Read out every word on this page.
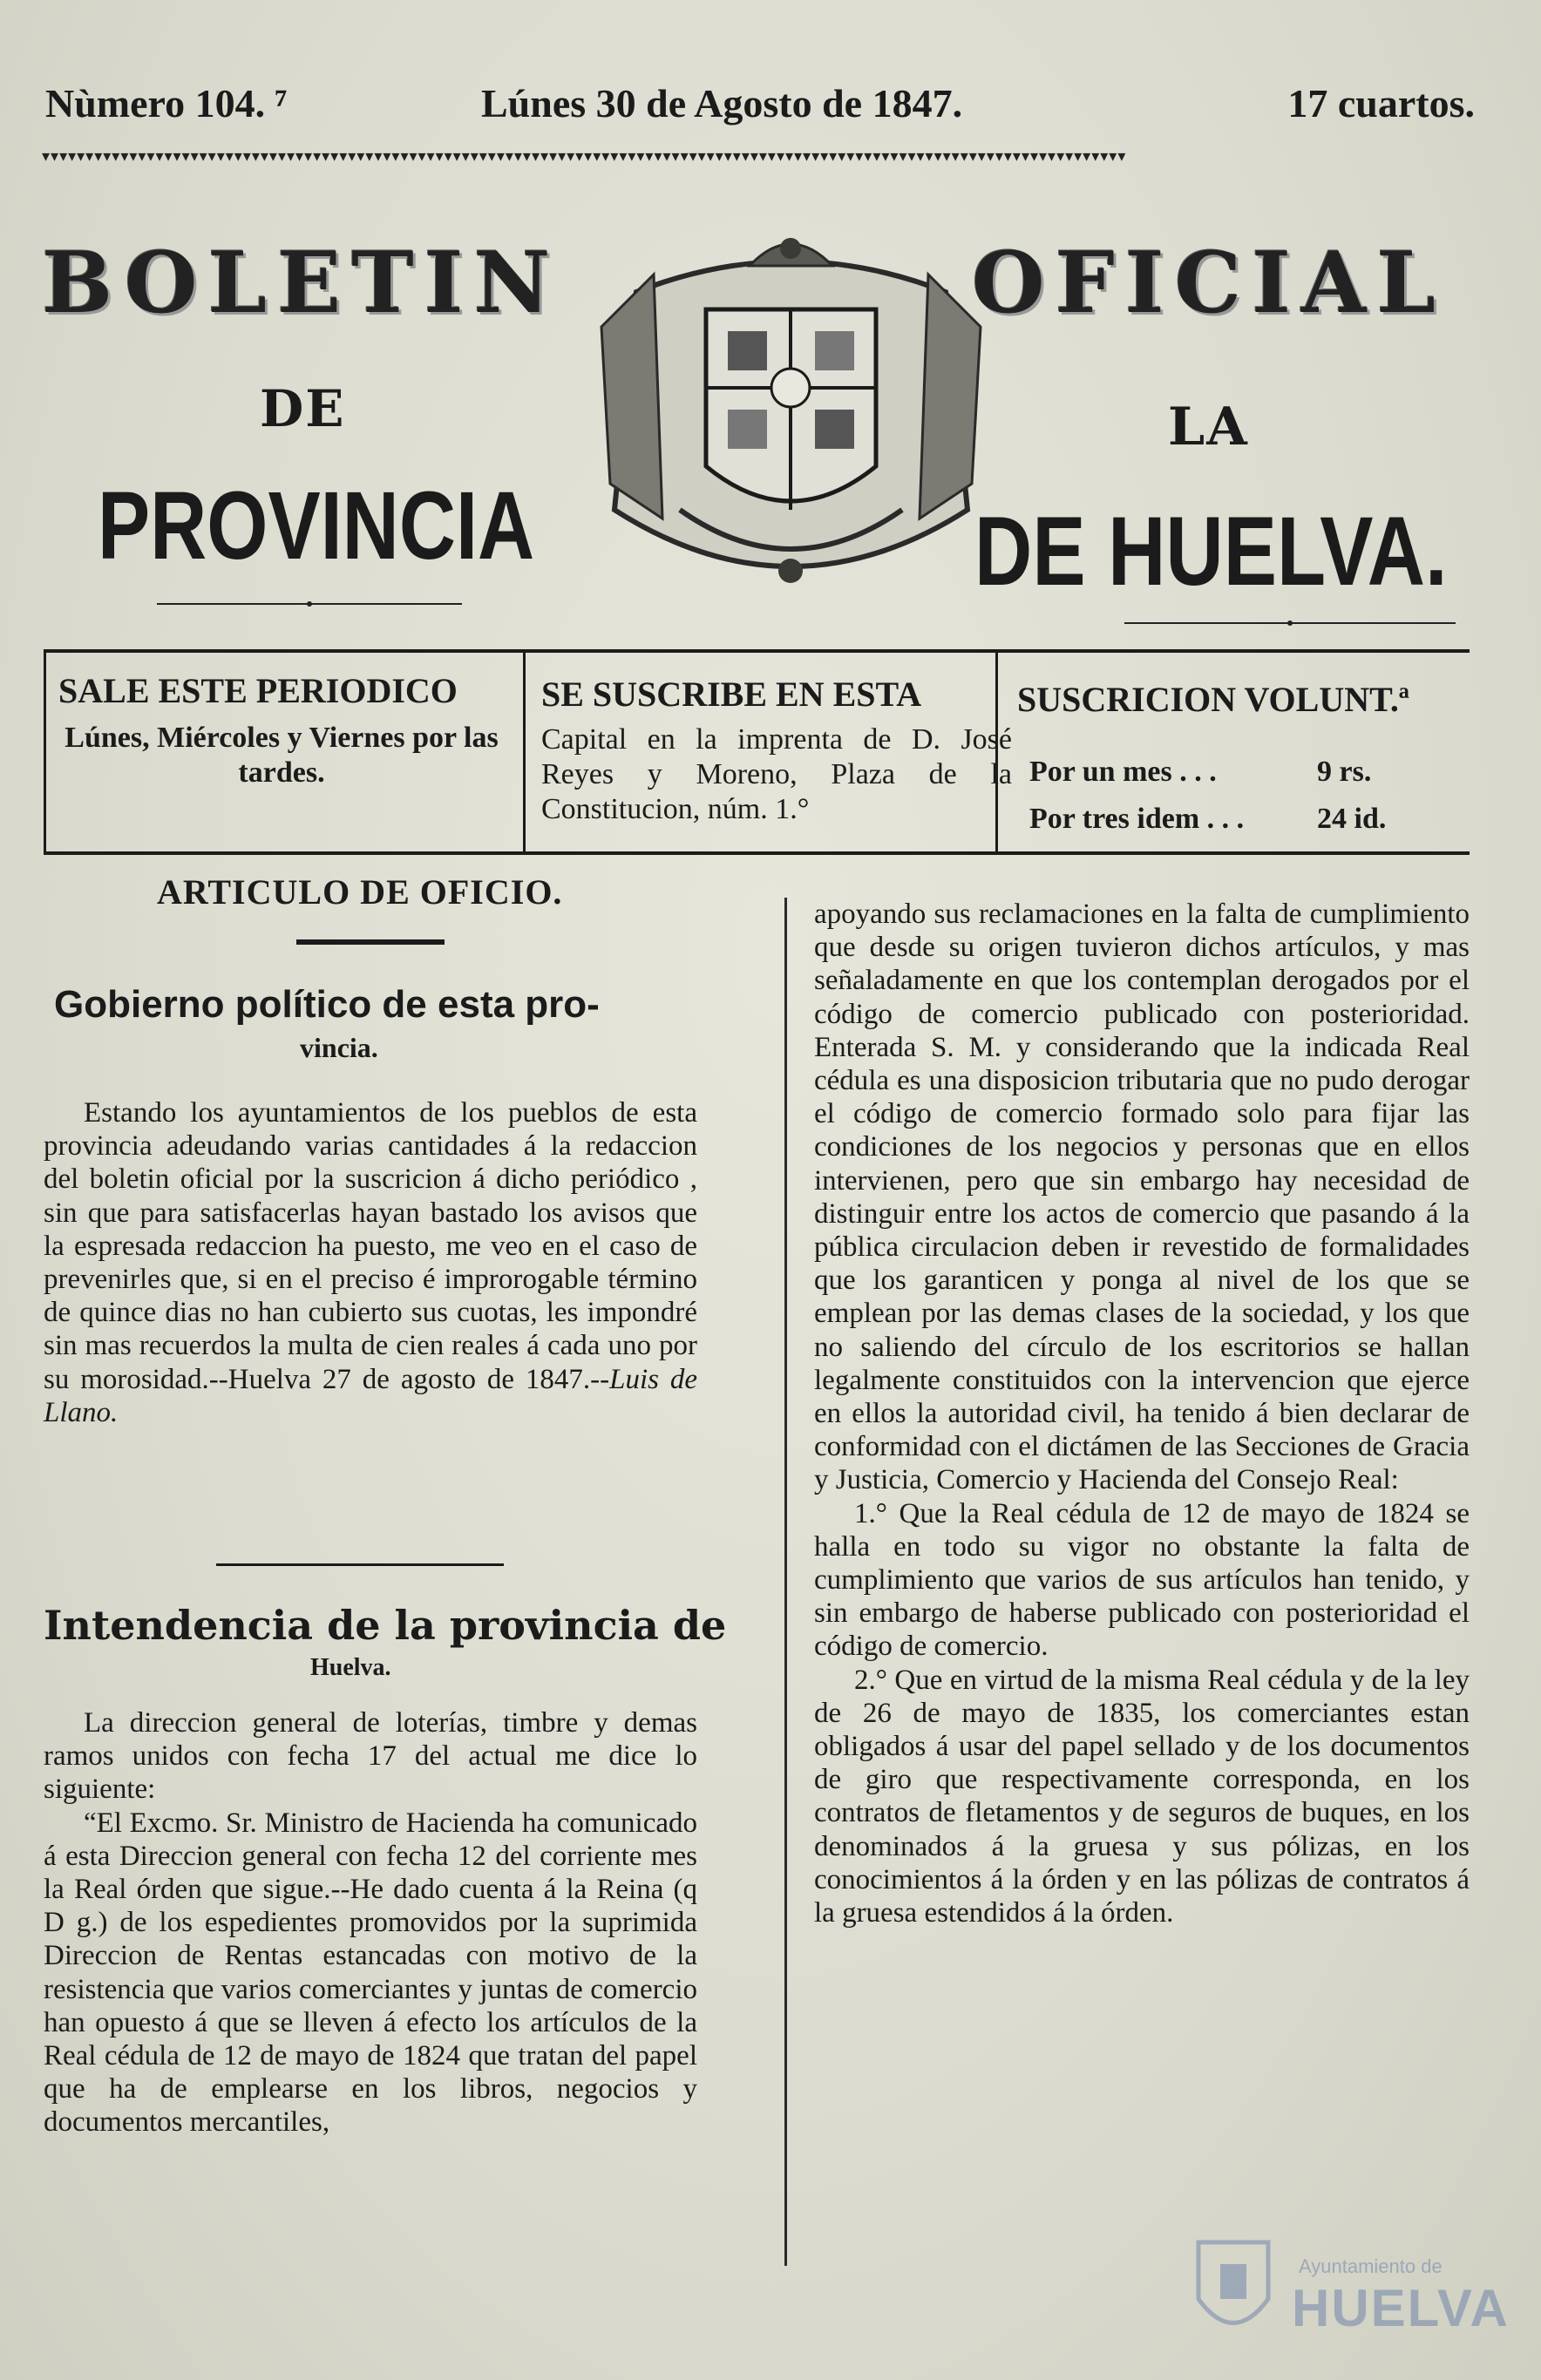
Nùmero 104. ⁷	Lúnes 30 de Agosto de 1847.	17 cuartos.
▾▾▾▾▾▾▾▾▾▾▾▾▾▾▾▾▾▾▾▾▾▾▾▾▾▾▾▾▾▾▾▾▾▾▾▾▾▾▾▾▾▾▾▾▾▾▾▾▾▾▾▾▾▾▾▾▾▾▾▾▾▾▾▾▾▾▾▾▾▾▾▾▾▾▾▾▾▾▾▾▾▾▾▾▾▾▾▾▾▾▾▾▾▾▾▾▾▾▾▾▾▾▾▾▾▾▾▾▾▾▾▾▾▾▾▾▾▾▾▾▾▾▾▾
BOLETIN	OFICIAL
DE	LA
PROVINCIA	DE HUELVA.
SALE ESTE PERIODICO
Lúnes, Miércoles y Viernes por las tardes.
SE SUSCRIBE EN ESTA
Capital en la imprenta de D. José Reyes y Moreno, Plaza de la Constitucion, núm. 1.°
SUSCRICION VOLUNT.ª
Por un mes . . .	9 rs.
Por tres idem . . . 24 id.
ARTICULO DE OFICIO.
Gobierno político de esta pro-
vincia.

Estando los ayuntamientos de los pueblos de esta provincia adeudando varias cantidades á la redaccion del boletin oficial por la suscricion á dicho periódico , sin que para satisfacerlas hayan bastado los avisos que la espresada redaccion ha puesto, me veo en el caso de prevenirles que, si en el preciso é improrogable término de quince dias no han cubierto sus cuotas, les impondré sin mas recuerdos la multa de cien reales á cada uno por su morosidad.--Huelva 27 de agosto de 1847.--Luis de Llano.

Intendencia de la provincia de
Huelva.

La direccion general de loterías, timbre y demas ramos unidos con fecha 17 del actual me dice lo siguiente:

“El Excmo. Sr. Ministro de Hacienda ha comunicado á esta Direccion general con fecha 12 del corriente mes la Real órden que sigue.--He dado cuenta á la Reina (q D g.) de los espedientes promovidos por la suprimida Direccion de Rentas estancadas con motivo de la resistencia que varios comerciantes y juntas de comercio han opuesto á que se lleven á efecto los artículos de la Real cédula de 12 de mayo de 1824 que tratan del papel que ha de emplearse en los libros, negocios y documentos mercantiles,

apoyando sus reclamaciones en la falta de cumplimiento que desde su origen tuvieron dichos artículos, y mas señaladamente en que los contemplan derogados por el código de comercio publicado con posterioridad. Enterada S. M. y considerando que la indicada Real cédula es una disposicion tributaria que no pudo derogar el código de comercio formado solo para fijar las condiciones de los negocios y personas que en ellos intervienen, pero que sin embargo hay necesidad de distinguir entre los actos de comercio que pasando á la pública circulacion deben ir revestido de formalidades que los garanticen y ponga al nivel de los que se emplean por las demas clases de la sociedad, y los que no saliendo del círculo de los escritorios se hallan legalmente constituidos con la intervencion que ejerce en ellos la autoridad civil, ha tenido á bien declarar de conformidad con el dictámen de las Secciones de Gracia y Justicia, Comercio y Hacienda del Consejo Real:

1.° Que la Real cédula de 12 de mayo de 1824 se halla en todo su vigor no obstante la falta de cumplimiento que varios de sus artículos han tenido, y sin embargo de haberse publicado con posterioridad el código de comercio.

2.° Que en virtud de la misma Real cédula y de la ley de 26 de mayo de 1835, los comerciantes estan obligados á usar del papel sellado y de los documentos de giro que respectivamente corresponda, en los contratos de fletamentos y de seguros de buques, en los denominados á la gruesa y sus pólizas, en los conocimientos á la órden y en las pólizas de contratos á la gruesa estendidos á la órden.

Ayuntamiento de
HUELVA
